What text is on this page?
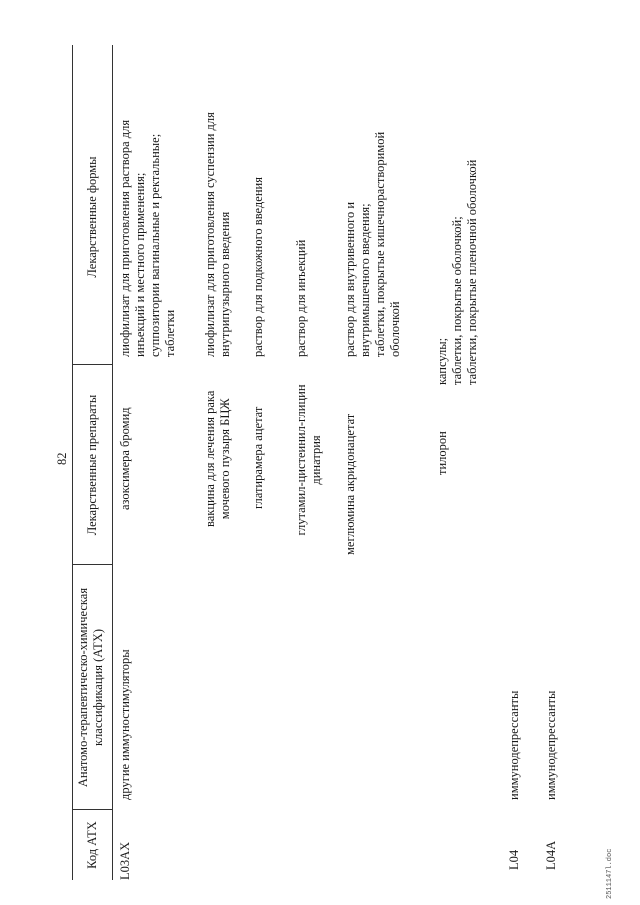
82
Код АТХ
Анатомо-терапевтическо-химическая классификация (АТХ)
Лекарственные препараты
Лекарственные формы
L03AX
другие иммуностимуляторы
азоксимера бромид
лиофилизат для приготовления раствора для
инъекций и местного применения;
суппозитории вагинальные и ректальные;
таблетки
вакцина для лечения рака
мочевого пузыря БЦЖ
лиофилизат для приготовления суспензии для
внутрипузырного введения
глатирамера ацетат
раствор для подкожного введения
глутамил-цистеинил-глицин
динатрия
раствор для инъекций
меглюмина акридонацетат
раствор для внутривенного и
внутримышечного введения;
таблетки, покрытые кишечнорастворимой
оболочкой
тилорон
капсулы;
таблетки, покрытые оболочкой;
таблетки, покрытые пленочной оболочкой
L04
иммунодепрессанты
L04A
иммунодепрессанты
2511147l.doc
